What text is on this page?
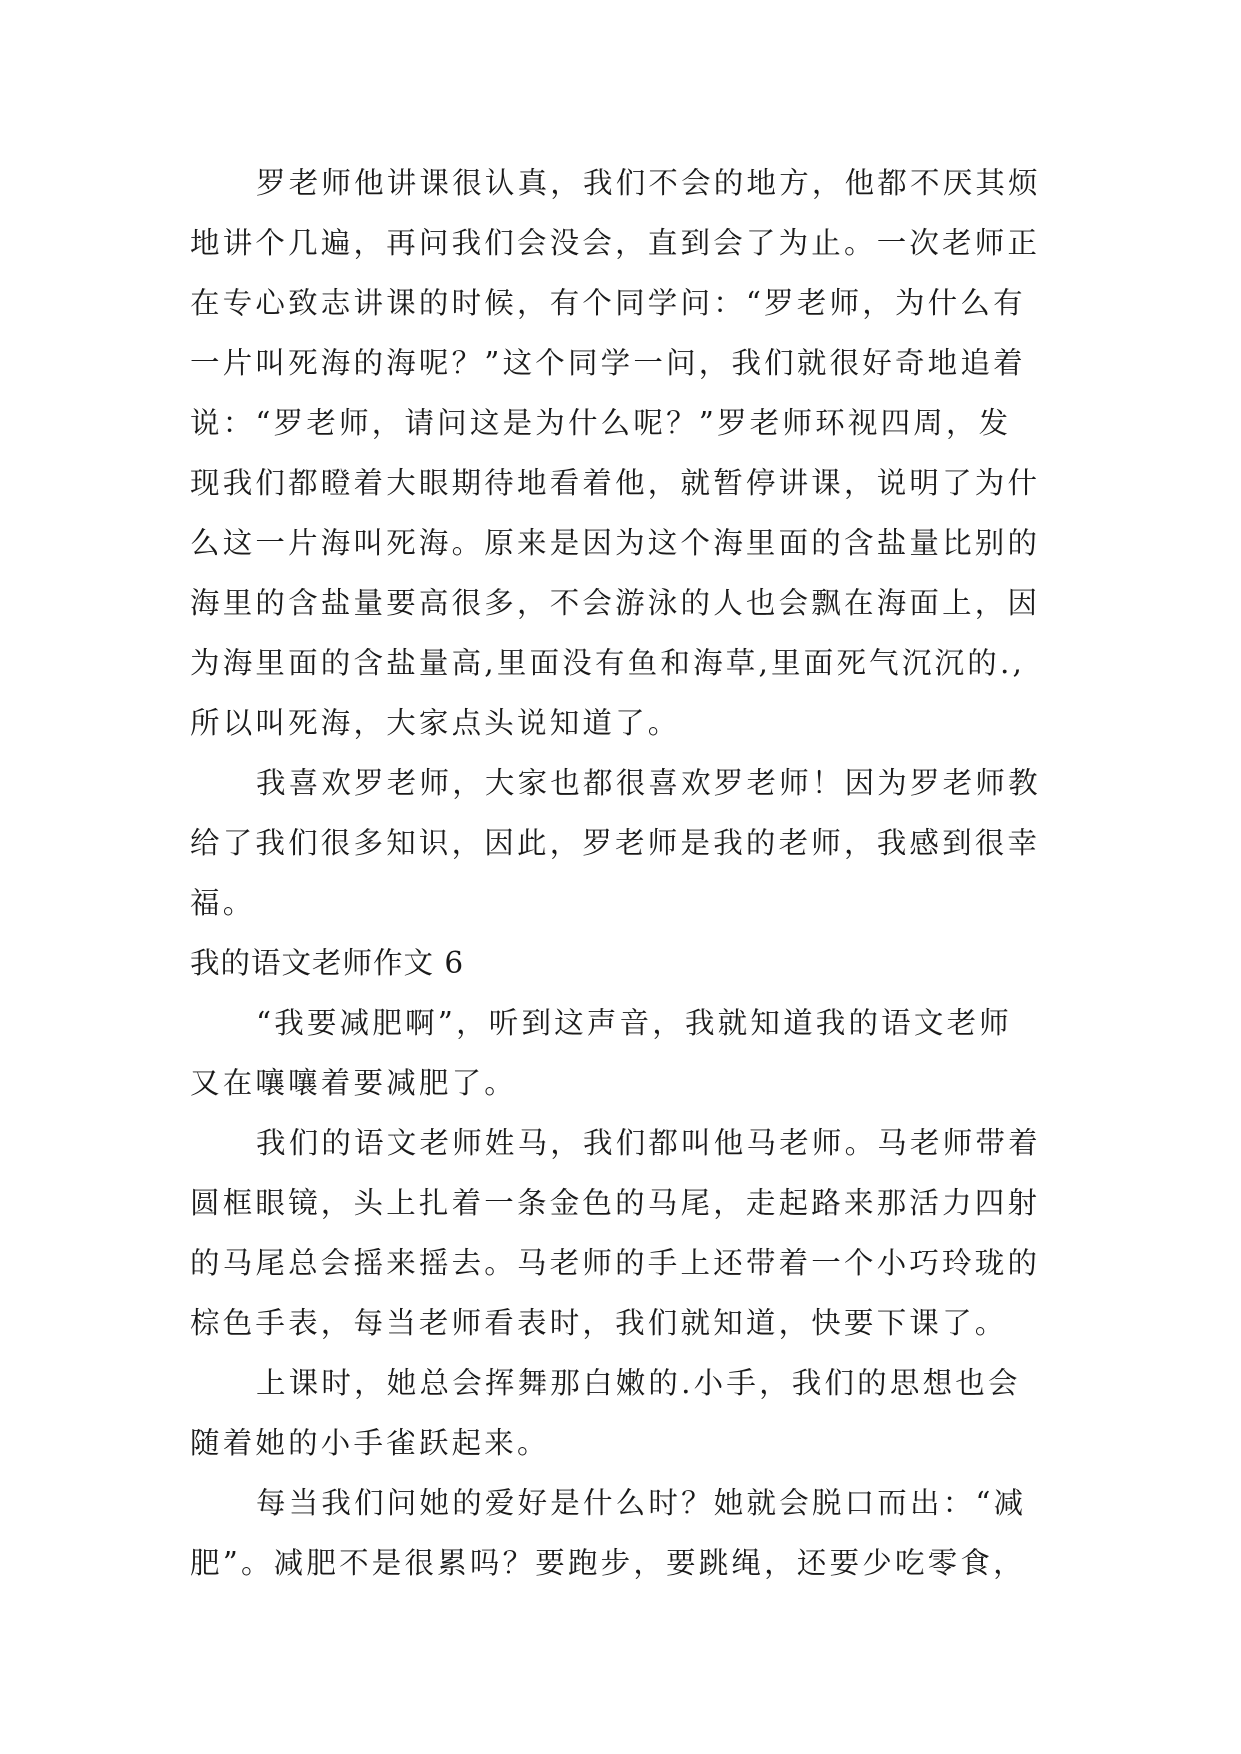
罗老师他讲课很认真，我们不会的地方，他都不厌其烦
地讲个几遍，再问我们会没会，直到会了为止。一次老师正
在专心致志讲课的时候，有个同学问：“罗老师，为什么有
一片叫死海的海呢？”这个同学一问，我们就很好奇地追着
说：“罗老师，请问这是为什么呢？”罗老师环视四周，发
现我们都瞪着大眼期待地看着他，就暂停讲课，说明了为什
么这一片海叫死海。原来是因为这个海里面的含盐量比别的
海里的含盐量要高很多，不会游泳的人也会飘在海面上，因
为海里面的含盐量高,里面没有鱼和海草,里面死气沉沉的.,
所以叫死海，大家点头说知道了。
我喜欢罗老师，大家也都很喜欢罗老师！因为罗老师教
给了我们很多知识，因此，罗老师是我的老师，我感到很幸
福。
我的语文老师作文 6
“我要减肥啊”，听到这声音，我就知道我的语文老师
又在嚷嚷着要减肥了。
我们的语文老师姓马，我们都叫他马老师。马老师带着
圆框眼镜，头上扎着一条金色的马尾，走起路来那活力四射
的马尾总会摇来摇去。马老师的手上还带着一个小巧玲珑的
棕色手表，每当老师看表时，我们就知道，快要下课了。
上课时，她总会挥舞那白嫩的.小手，我们的思想也会
随着她的小手雀跃起来。
每当我们问她的爱好是什么时？她就会脱口而出：“减
肥”。减肥不是很累吗？要跑步，要跳绳，还要少吃零食，
